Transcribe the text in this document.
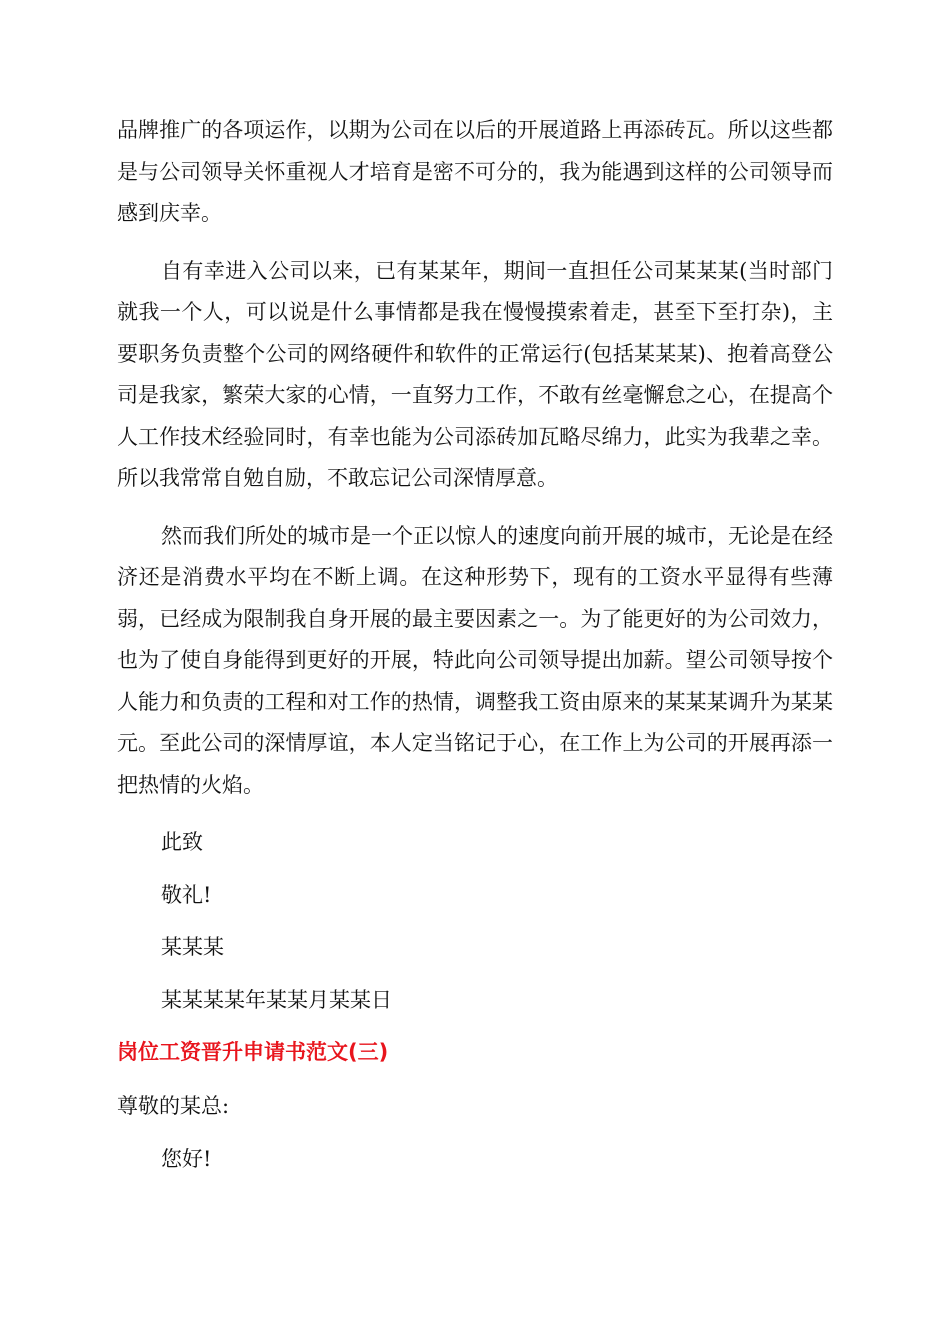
品牌推广的各项运作，以期为公司在以后的开展道路上再添砖瓦。所以这些都是与公司领导关怀重视人才培育是密不可分的，我为能遇到这样的公司领导而感到庆幸。

自有幸进入公司以来，已有某某年，期间一直担任公司某某某(当时部门就我一个人，可以说是什么事情都是我在慢慢摸索着走，甚至下至打杂)，主要职务负责整个公司的网络硬件和软件的正常运行(包括某某某)、抱着高登公司是我家，繁荣大家的心情，一直努力工作，不敢有丝毫懈怠之心，在提高个人工作技术经验同时，有幸也能为公司添砖加瓦略尽绵力，此实为我辈之幸。所以我常常自勉自励，不敢忘记公司深情厚意。

然而我们所处的城市是一个正以惊人的速度向前开展的城市，无论是在经济还是消费水平均在不断上调。在这种形势下，现有的工资水平显得有些薄弱，已经成为限制我自身开展的最主要因素之一。为了能更好的为公司效力，也为了使自身能得到更好的开展，特此向公司领导提出加薪。望公司领导按个人能力和负责的工程和对工作的热情，调整我工资由原来的某某某调升为某某元。至此公司的深情厚谊，本人定当铭记于心，在工作上为公司的开展再添一把热情的火焰。

此致

敬礼!

某某某

某某某某年某某月某某日

岗位工资晋升申请书范文(三)

尊敬的某总:

您好!
